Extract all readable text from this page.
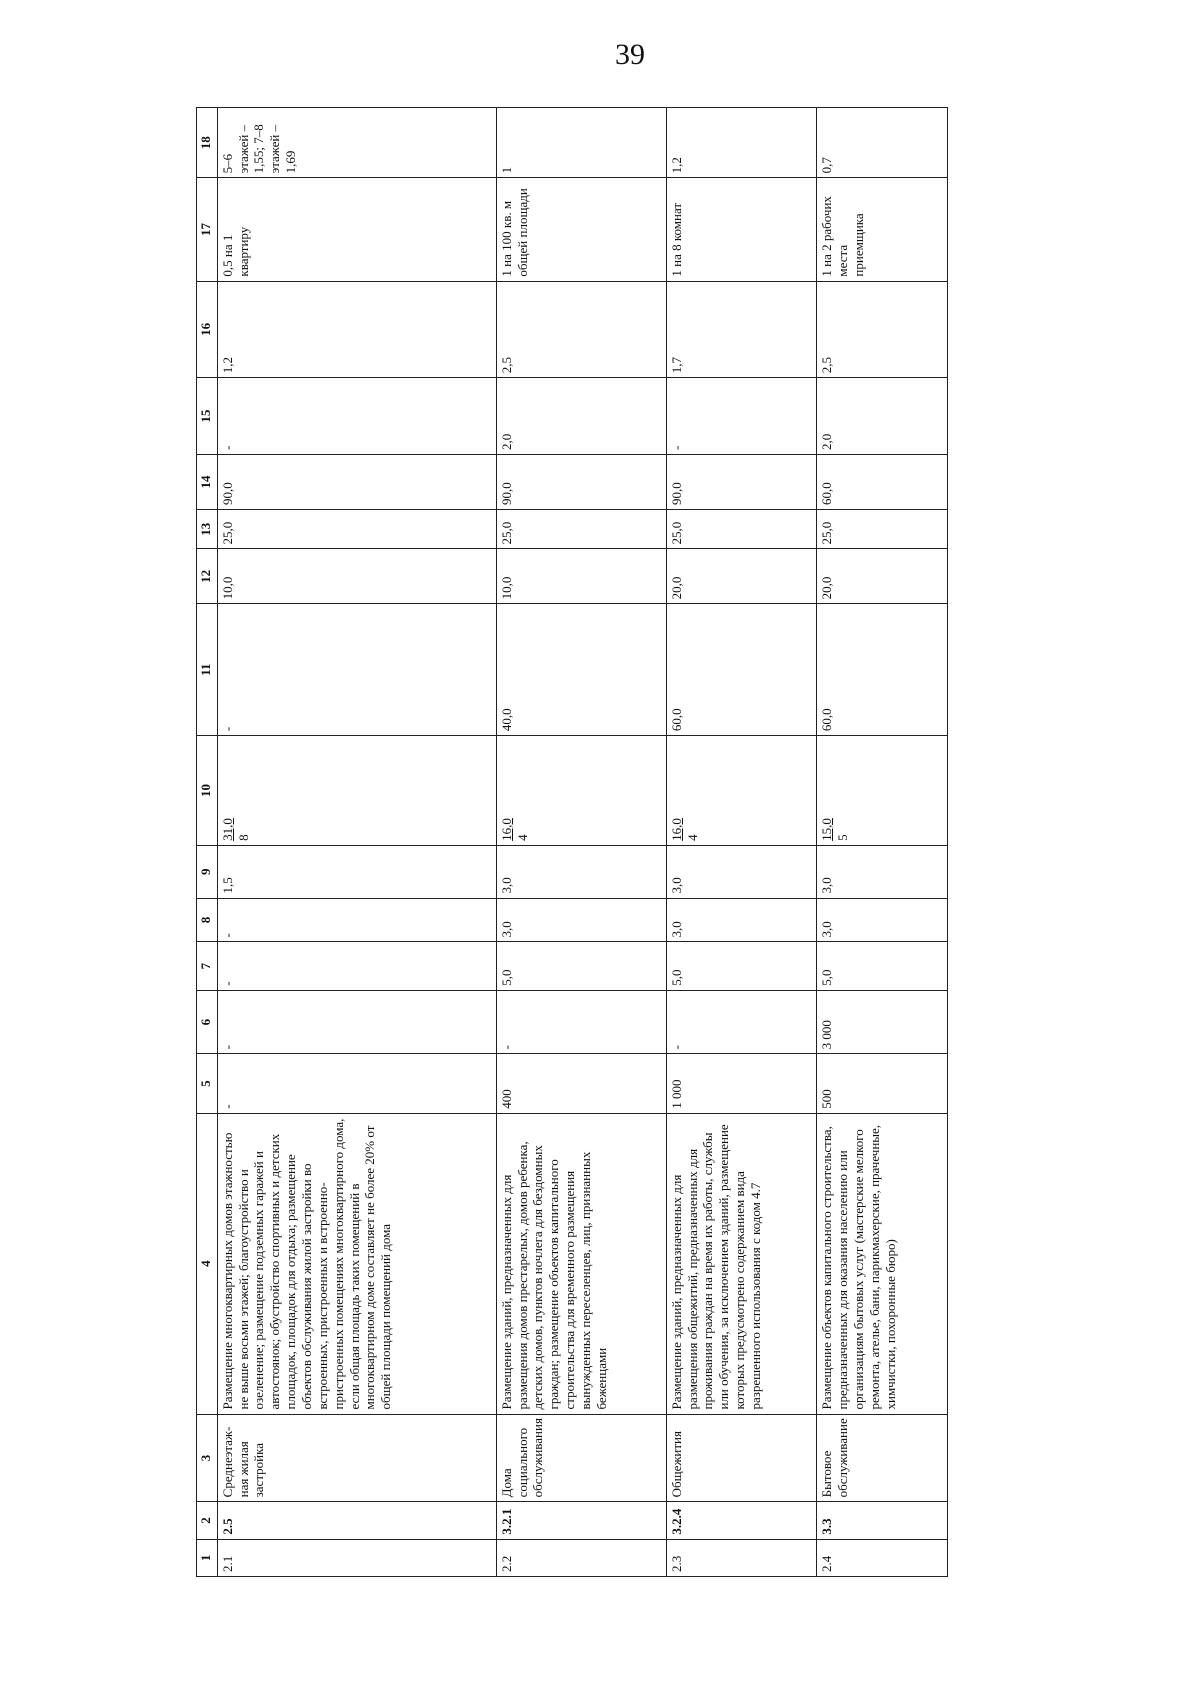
39
1	2	3	4	5	6	7	8	9	10	11	12	13	14	15	16	17	18
2.1	2.5	Среднеэтаж-ная жилая застройка	Размещение многоквартирных домов этажностью не выше восьми этажей; благоустройство и озеленение; размещение подземных гаражей и автостоянок; обустройство спортивных и детских площадок, площадок для отдыха; размещение объектов обслуживания жилой застройки во встроенных, пристроенных и встроенно-пристроенных помещениях многоквартирного дома, если общая площадь таких помещений в многоквартирном доме составляет не более 20% от общей площади помещений дома	-	-	-	-	1,5	31,0 8	-	10,0	25,0	90,0	-	1,2	0,5 на 1 квартиру	5–6 этажей – 1,55; 7–8 этажей – 1,69
2.2	3.2.1	Дома социального обслуживания	Размещение зданий, предназначенных для размещения домов престарелых, домов ребенка, детских домов, пунктов ночлега для бездомных граждан; размещение объектов капитального строительства для временного размещения вынужденных переселенцев, лиц, признанных беженцами	400	-	5,0	3,0	3,0	16,0 4	40,0	10,0	25,0	90,0	2,0	2,5	1 на 100 кв. м общей площади	1
2.3	3.2.4	Общежития	Размещение зданий, предназначенных для размещения общежитий, предназначенных для проживания граждан на время их работы, службы или обучения, за исключением зданий, размещение которых предусмотрено содержанием вида разрешенного использования с кодом 4.7	1 000	-	5,0	3,0	3,0	16,0 4	60,0	20,0	25,0	90,0	-	1,7	1 на 8 комнат	1,2
2.4	3.3	Бытовое обслуживание	Размещение объектов капитального строительства, предназначенных для оказания населению или организациям бытовых услуг (мастерские мелкого ремонта, ателье, бани, парикмахерские, прачечные, химчистки, похоронные бюро)	500	3 000	5,0	3,0	3,0	15,0 5	60,0	20,0	25,0	60,0	2,0	2,5	1 на 2 рабочих места приемщика	0,7
